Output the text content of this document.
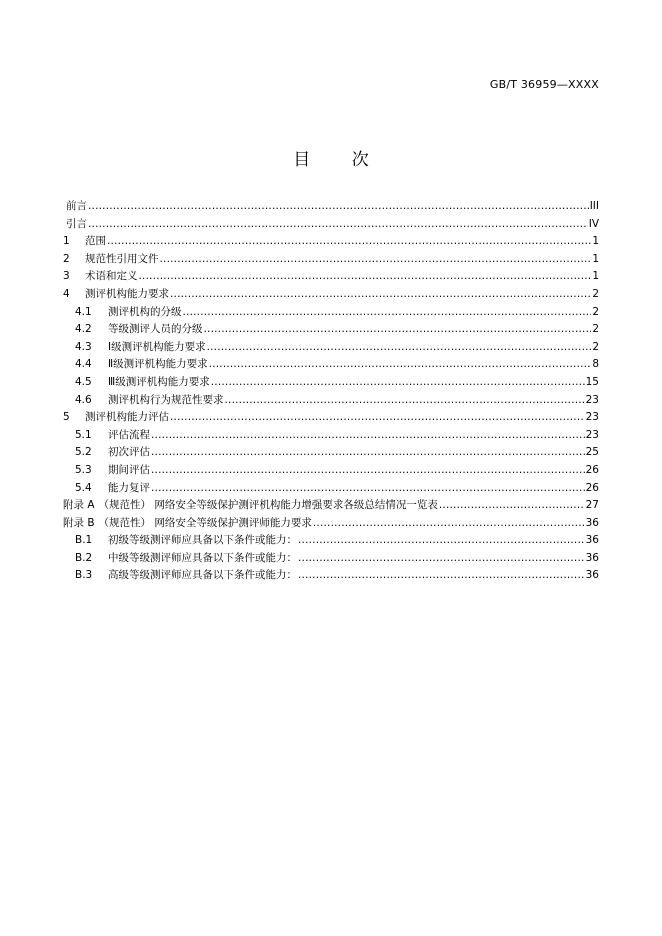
GB/T 36959—XXXX
目 次
前言 .....	III
引言 .....	IV
1	范围 .....	1
2	规范性引用文件 .....	1
3	术语和定义 .....	1
4	测评机构能力要求 .....	2
4.1	测评机构的分级 .....	2
4.2	等级测评人员的分级 .....	2
4.3	Ⅰ级测评机构能力要求 .....	2
4.4	Ⅱ级测评机构能力要求 .....	8
4.5	Ⅲ级测评机构能力要求 .....	15
4.6	测评机构行为规范性要求 .....	23
5	测评机构能力评估 .....	23
5.1	评估流程 .....	23
5.2	初次评估 .....	25
5.3	期间评估 .....	26
5.4	能力复评 .....	26
附录 A （规范性） 网络安全等级保护测评机构能力增强要求各级总结情况一览表 .....	27
附录 B （规范性） 网络安全等级保护测评师能力要求 .....	36
B.1	初级等级测评师应具备以下条件或能力： .....	36
B.2	中级等级测评师应具备以下条件或能力： .....	36
B.3	高级等级测评师应具备以下条件或能力： .....	36
